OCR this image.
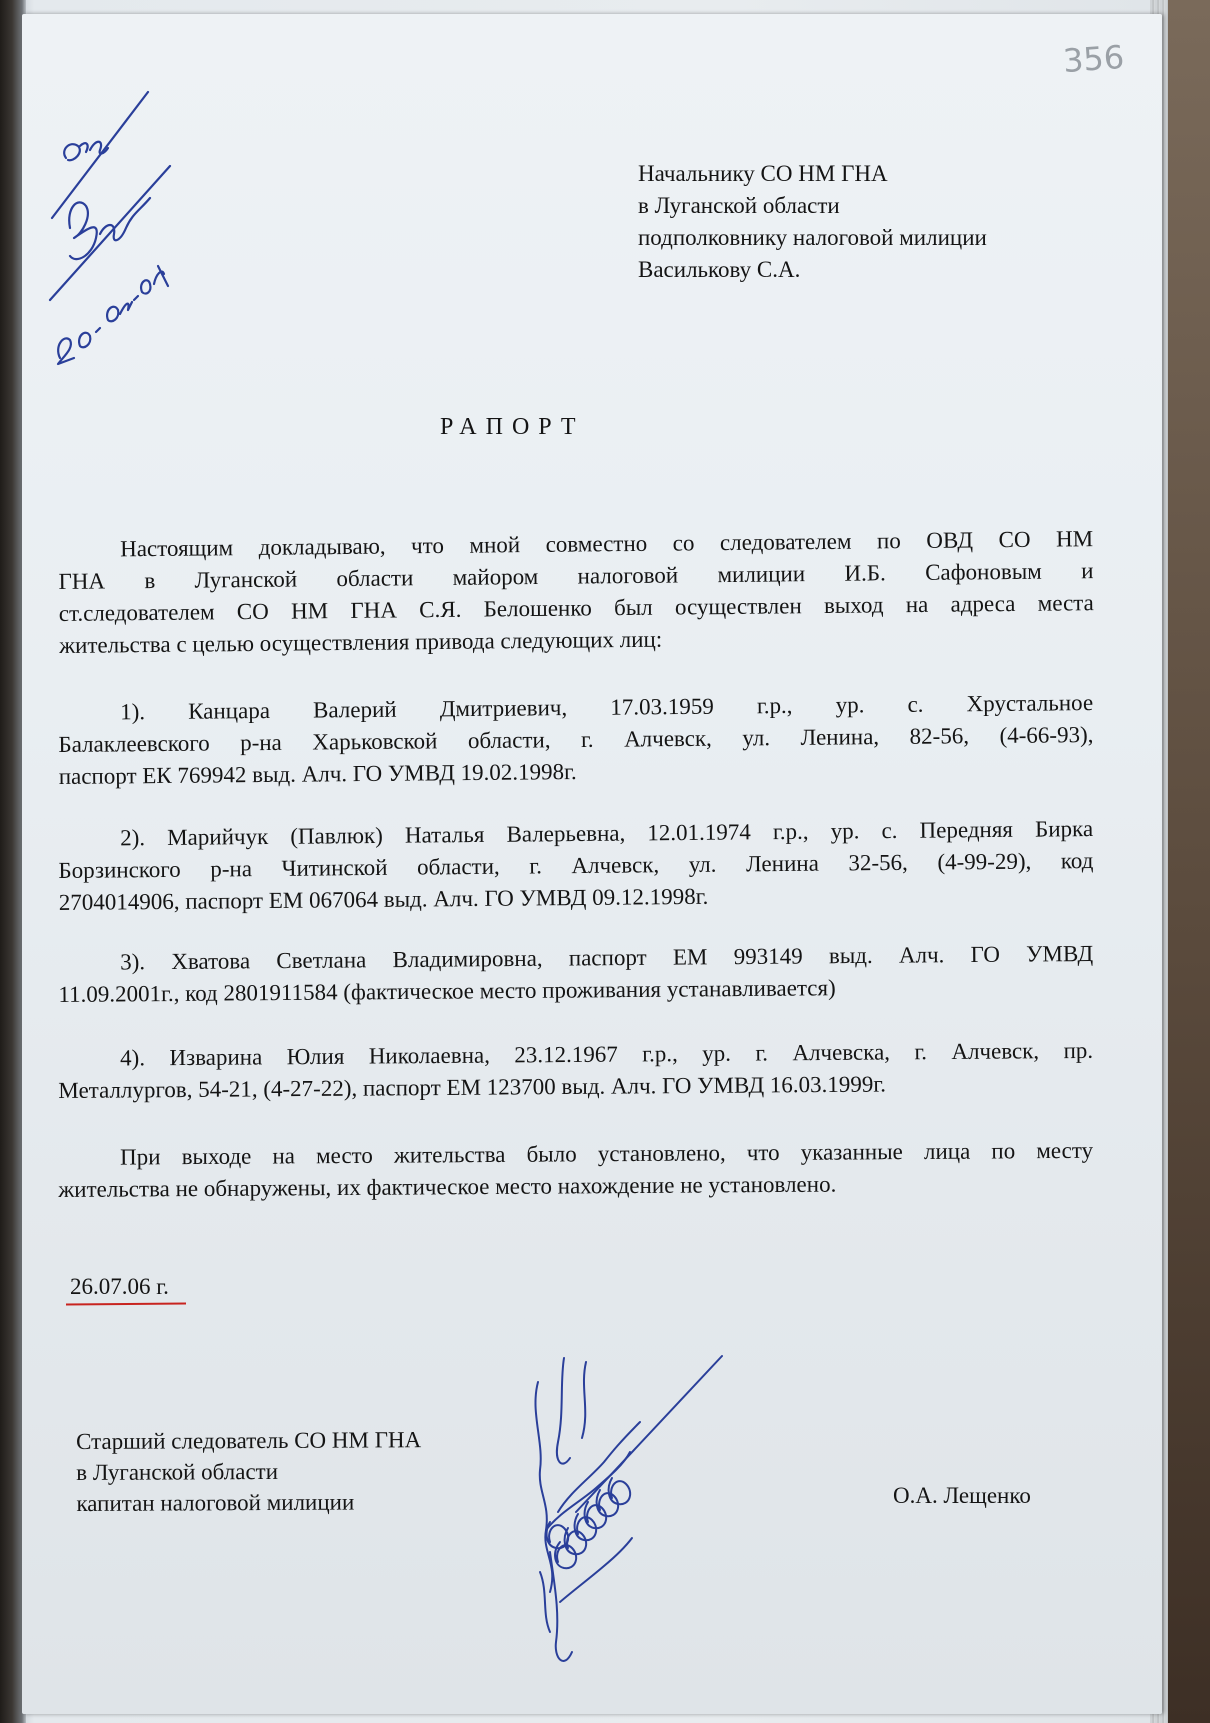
356
Начальнику СО НМ ГНА
в Луганской области
подполковнику налоговой милиции
Василькову С.А.
РАПОРТ
Настоящим докладываю, что мной совместно со следователем по ОВД СО НМ
ГНА в Луганской области майором налоговой милиции И.Б. Сафоновым и
ст.следователем СО НМ ГНА С.Я. Белошенко был осуществлен выход на адреса места
жительства с целью осуществления привода следующих лиц:
1). Канцара Валерий Дмитриевич, 17.03.1959 г.р., ур. с. Хрустальное
Балаклеевского р-на Харьковской области, г. Алчевск, ул. Ленина, 82-56, (4-66-93),
паспорт ЕК 769942 выд. Алч. ГО УМВД 19.02.1998г.
2). Марийчук (Павлюк) Наталья Валерьевна, 12.01.1974 г.р., ур. с. Передняя Бирка
Борзинского р-на Читинской области, г. Алчевск, ул. Ленина 32-56, (4-99-29), код
2704014906, паспорт ЕМ 067064 выд. Алч. ГО УМВД 09.12.1998г.
3). Хватова Светлана Владимировна, паспорт ЕМ 993149 выд. Алч. ГО УМВД
11.09.2001г., код 2801911584 (фактическое место проживания устанавливается)
4). Изварина Юлия Николаевна, 23.12.1967 г.р., ур. г. Алчевска, г. Алчевск, пр.
Металлургов, 54-21, (4-27-22), паспорт ЕМ 123700 выд. Алч. ГО УМВД 16.03.1999г.
При выходе на место жительства было установлено, что указанные лица по месту
жительства не обнаружены, их фактическое место нахождение не установлено.
26.07.06 г.
Старший следователь СО НМ ГНА
в Луганской области
капитан налоговой милиции	О.А. Лещенко
